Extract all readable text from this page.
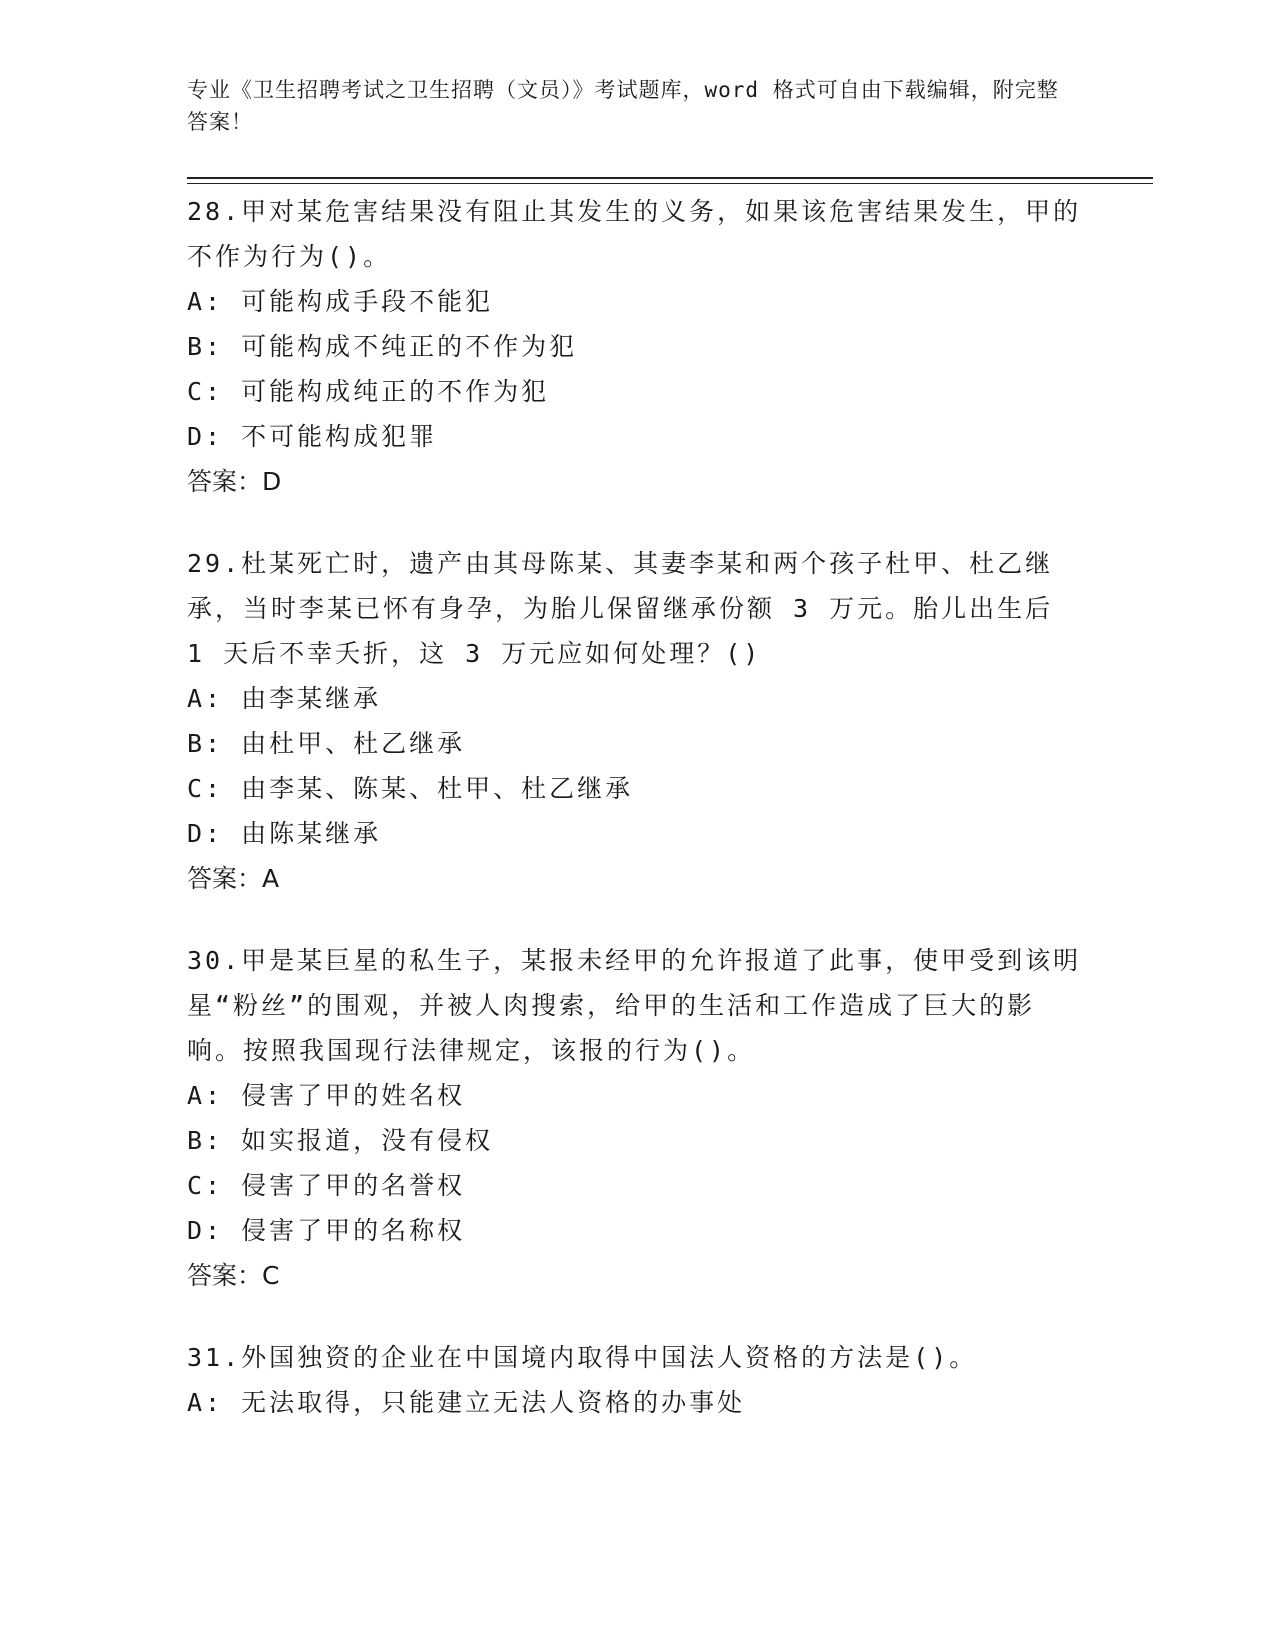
专业《卫生招聘考试之卫生招聘（文员）》考试题库，word 格式可自由下载编辑，附完整答案！

28.甲对某危害结果没有阻止其发生的义务，如果该危害结果发生，甲的不作为行为()。

A: 可能构成手段不能犯

B: 可能构成不纯正的不作为犯

C: 可能构成纯正的不作为犯

D: 不可能构成犯罪

答案：D

29.杜某死亡时，遗产由其母陈某、其妻李某和两个孩子杜甲、杜乙继承，当时李某已怀有身孕，为胎儿保留继承份额 3 万元。胎儿出生后 1 天后不幸夭折，这 3 万元应如何处理？()

A: 由李某继承

B: 由杜甲、杜乙继承

C: 由李某、陈某、杜甲、杜乙继承

D: 由陈某继承

答案：A

30.甲是某巨星的私生子，某报未经甲的允许报道了此事，使甲受到该明星“粉丝”的围观，并被人肉搜索，给甲的生活和工作造成了巨大的影响。按照我国现行法律规定，该报的行为()。

A: 侵害了甲的姓名权

B: 如实报道，没有侵权

C: 侵害了甲的名誉权

D: 侵害了甲的名称权

答案：C

31.外国独资的企业在中国境内取得中国法人资格的方法是()。

A: 无法取得，只能建立无法人资格的办事处
